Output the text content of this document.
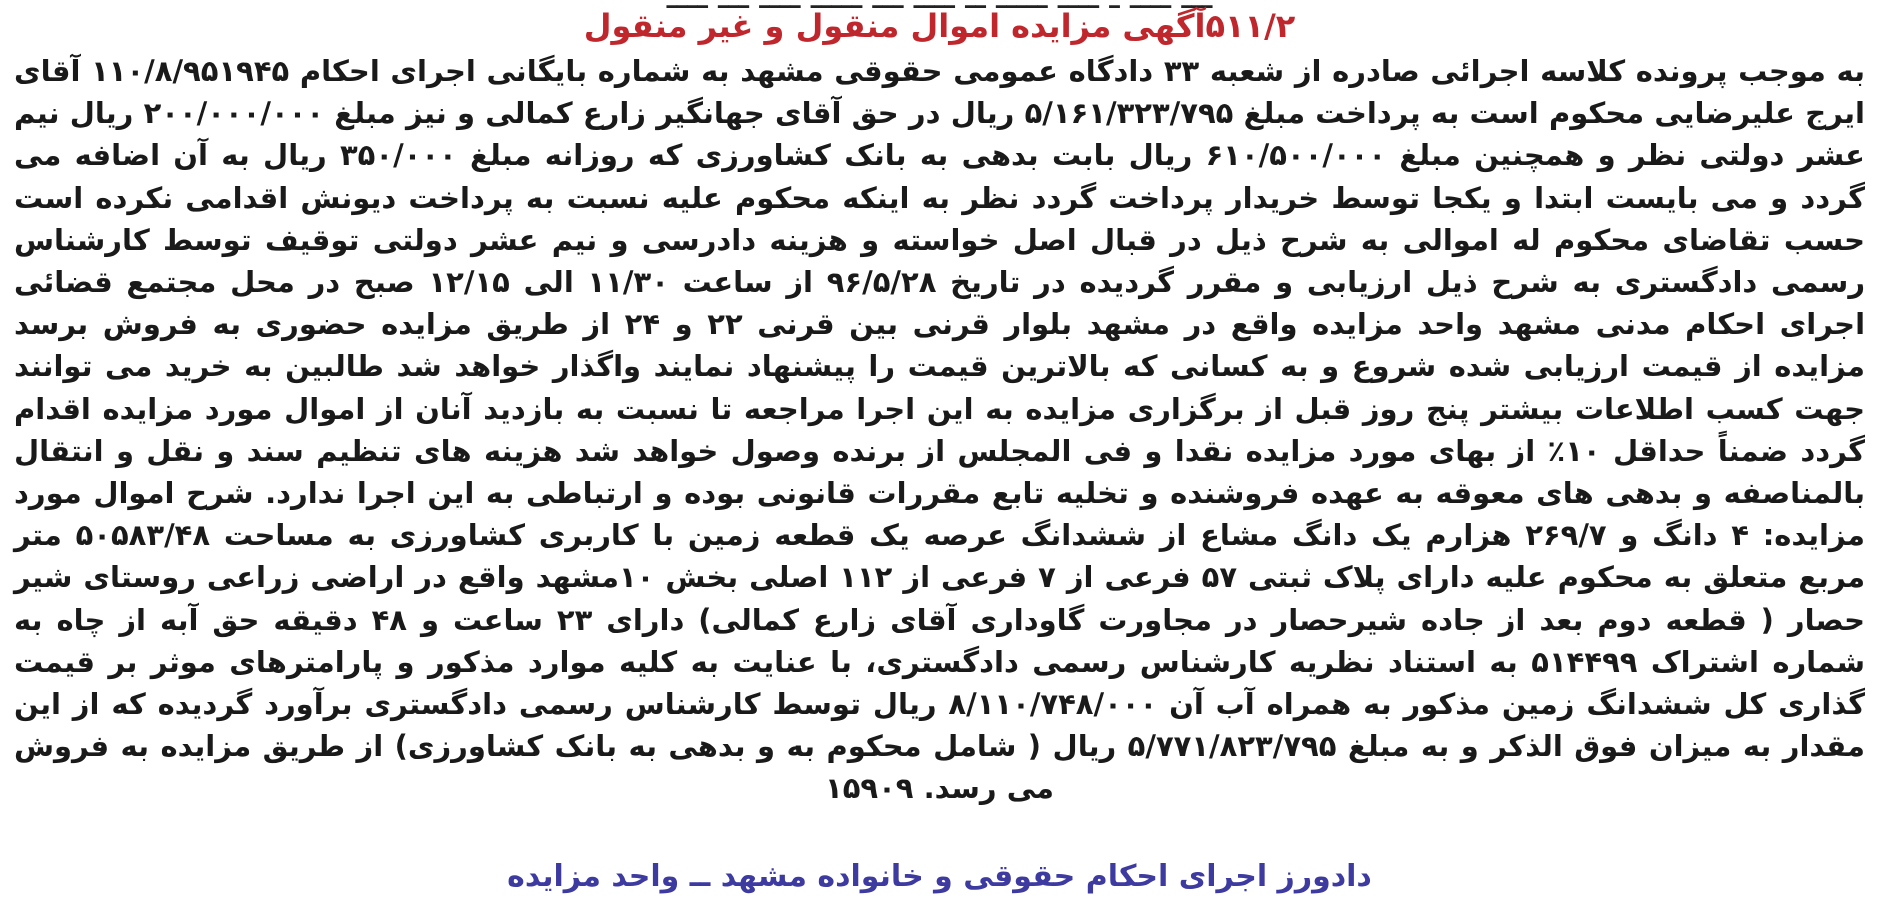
۵۱۱/۲آگهی مزایده اموال منقول و غیر منقول

به موجب پرونده کلاسه اجرائی صادره از شعبه ۳۳ دادگاه عمومی حقوقی مشهد به شماره بایگانی اجرای احکام ۱۱۰/۸/۹۵۱۹۴۵ آقای ایرج علیرضایی محکوم است به پرداخت مبلغ ۵/۱۶۱/۳۲۳/۷۹۵ ریال در حق آقای جهانگیر زارع کمالی و نیز مبلغ ۲۰۰/۰۰۰/۰۰۰ ریال نیم عشر دولتی نظر و همچنین مبلغ ۶۱۰/۵۰۰/۰۰۰ ریال بابت بدهی به بانک کشاورزی که روزانه مبلغ ۳۵۰/۰۰۰ ریال به آن اضافه می گردد و می بایست ابتدا و یکجا توسط خریدار پرداخت گردد نظر به اینکه محکوم علیه نسبت به پرداخت دیونش اقدامی نکرده است حسب تقاضای محکوم له اموالی به شرح ذیل در قبال اصل خواسته و هزینه دادرسی و نیم عشر دولتی توقیف توسط کارشناس رسمی دادگستری به شرح ذیل ارزیابی و مقرر گردیده در تاریخ ۹۶/۵/۲۸ از ساعت ۱۱/۳۰ الی ۱۲/۱۵ صبح در محل مجتمع قضائی اجرای احکام مدنی مشهد واحد مزایده واقع در مشهد بلوار قرنی بین قرنی ۲۲ و ۲۴ از طریق مزایده حضوری به فروش برسد مزایده از قیمت ارزیابی شده شروع و به کسانی که بالاترین قیمت را پیشنهاد نمایند واگذار خواهد شد طالبین به خرید می توانند جهت کسب اطلاعات بیشتر پنج روز قبل از برگزاری مزایده به این اجرا مراجعه تا نسبت به بازدید آنان از اموال مورد مزایده اقدام گردد ضمناً حداقل ۱۰٪ از بهای مورد مزایده نقدا و فی المجلس از برنده وصول خواهد شد هزینه های تنظیم سند و نقل و انتقال بالمناصفه و بدهی های معوقه به عهده فروشنده و تخلیه تابع مقررات قانونی بوده و ارتباطی به این اجرا ندارد. شرح اموال مورد مزایده: ۴ دانگ و ۲۶۹/۷ هزارم یک دانگ مشاع از ششدانگ عرصه یک قطعه زمین با کاربری کشاورزی به مساحت ۵۰۵۸۳/۴۸ متر مربع متعلق به محکوم علیه دارای پلاک ثبتی ۵۷ فرعی از ۷ فرعی از ۱۱۲ اصلی بخش ۱۰مشهد واقع در اراضی زراعی روستای شیر حصار ( قطعه دوم بعد از جاده شیرحصار در مجاورت گاوداری آقای زارع کمالی) دارای ۲۳ ساعت و ۴۸ دقیقه حق آبه از چاه به شماره اشتراک ۵۱۴۴۹۹ به استناد نظریه کارشناس رسمی دادگستری، با عنایت به کلیه موارد مذکور و پارامترهای موثر بر قیمت گذاری کل ششدانگ زمین مذکور به همراه آب آن ۸/۱۱۰/۷۴۸/۰۰۰ ریال توسط کارشناس رسمی دادگستری برآورد گردیده که از این مقدار به میزان فوق الذکر و به مبلغ ۵/۷۷۱/۸۲۳/۷۹۵ ریال ( شامل محکوم به و بدهی به بانک کشاورزی) از طریق مزایده به فروش می رسد. ۱۵۹۰۹

دادورز اجرای احکام حقوقی و خانواده مشهد ــ واحد مزایده
